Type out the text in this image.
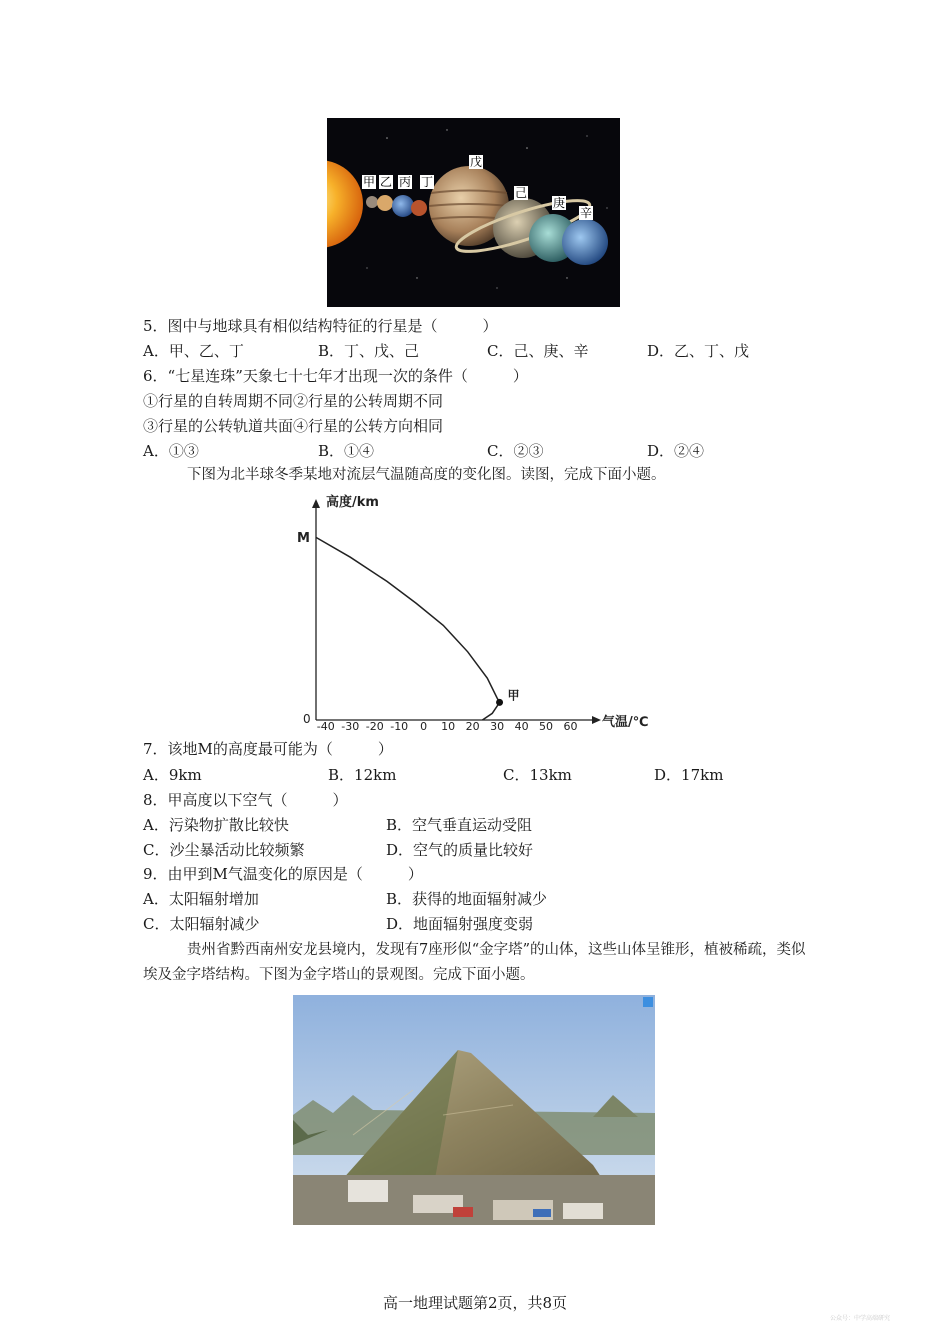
甲 乙 丙 丁
戊
己
庚
辛
5．图中与地球具有相似结构特征的行星是（　　　）
A．甲、乙、丁	B．丁、戊、己	C．己、庚、辛	D．乙、丁、戊
6．“七星连珠”天象七十七年才出现一次的条件（　　　）
①行星的自转周期不同②行星的公转周期不同
③行星的公转轨道共面④行星的公转方向相同
A．①③	B．①④	C．②③	D．②④
下图为北半球冬季某地对流层气温随高度的变化图。读图，完成下面小题。
高度/km
气温/℃
M
0
-40 -30 -20 -10 0 10 20 30 40 50 60
甲
7．该地M的高度最可能为（　　　）
A．9km	B．12km	C．13km	D．17km
8．甲高度以下空气（　　　）
A．污染物扩散比较快	B．空气垂直运动受阻
C．沙尘暴活动比较频繁	D．空气的质量比较好
9．由甲到M气温变化的原因是（　　　）
A．太阳辐射增加	B．获得的地面辐射减少
C．太阳辐射减少	D．地面辐射强度变弱
贵州省黔西南州安龙县境内，发现有7座形似“金字塔”的山体，这些山体呈锥形，植被稀疏，类似埃及金字塔结构。下图为金字塔山的景观图。完成下面小题。
高一地理试题第2页，共8页
公众号：中学高端研究
